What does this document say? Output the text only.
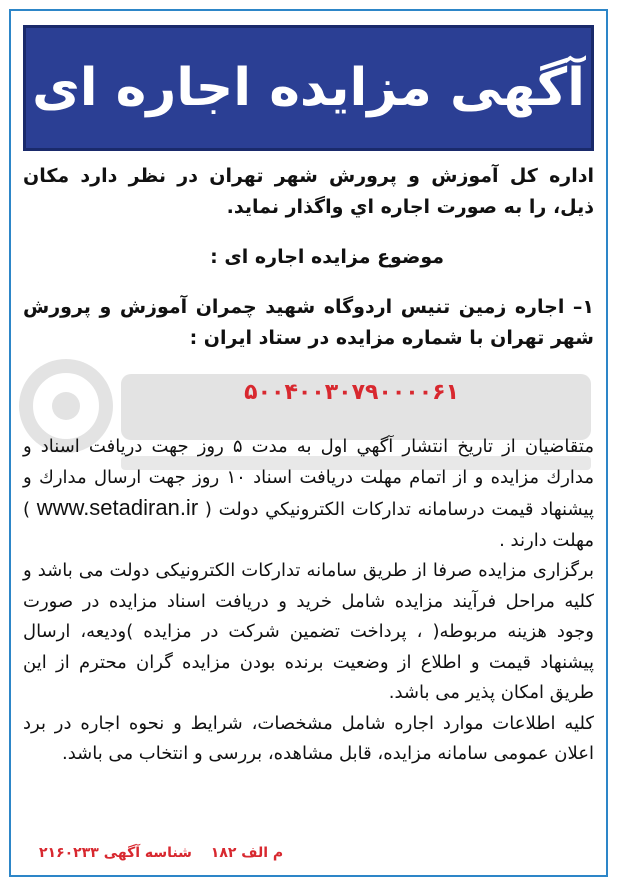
آگهی مزایده اجاره ای

اداره کل آموزش و پرورش شهر تهران در نظر دارد مکان ذیل، را به صورت اجاره اي واگذار نماید.

موضوع مزایده اجاره ای :

۱– اجاره زمین تنیس اردوگاه شهید چمران آموزش و پرورش شهر تهران با شماره مزایده در ستاد ایران :

۵۰۰۴۰۰۳۰۷۹۰۰۰۰۶۱

متقاضيان از تاريخ انتشار آگهي اول به مدت ۵ روز جهت دريافت اسناد و مدارك مزايده و از اتمام مهلت دريافت اسناد ۱۰ روز جهت ارسال مدارك و پيشنهاد قيمت درسامانه تداركات الكترونيكي دولت ( www.setadiran.ir ) مهلت دارند .

برگزاری مزایده صرفا از طریق سامانه تدارکات الکترونیکی دولت می باشد و کلیه مراحل فرآیند مزایده شامل خرید و دریافت اسناد مزایده در صورت وجود هزینه مربوطه( ، پرداخت تضمین شرکت در مزایده )ودیعه، ارسال پیشنهاد قیمت و اطلاع از وضعیت برنده بودن مزایده گران محترم از این طریق امکان پذیر می باشد.

کلیه اطلاعات موارد اجاره شامل مشخصات، شرایط و نحوه اجاره در برد اعلان عمومی سامانه مزایده، قابل مشاهده، بررسی و انتخاب می باشد.

م الف ۱۸۲ شناسه آگهی ۲۱۶۰۲۳۳
